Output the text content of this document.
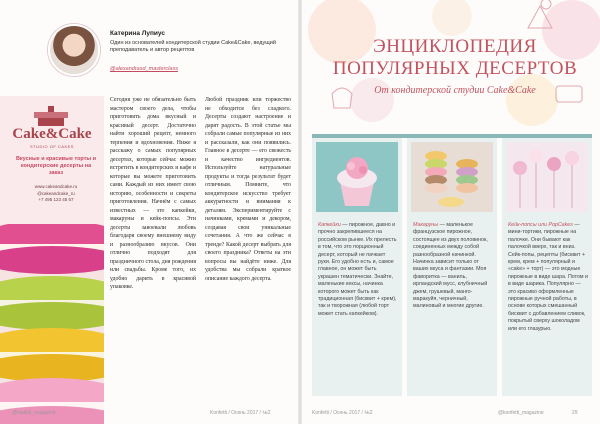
Катерина Лупиус
Один из основателей кондитерской студии Cake&Cake, ведущий преподаватель и автор рецептов
@alexandrasd_masterclass
Cake&Cake
STUDIO OF CAKES
Вкусные и красивые торты и кондитерские десерты на заказ
www.cakeandcake.ru
@cakeandcake_ru
+7 495 123 45 67
Сегодня уже не обязательно быть мастером своего дела, чтобы приготовить дома вкусный и красивый десерт. Достаточно найти хороший рецепт, немного терпения и вдохновения. Ниже я расскажу о самых популярных десертах, которые сейчас можно встретить в кондитерских и кафе и которые вы можете приготовить сами. Каждый из них имеет свою историю, особенности и секреты приготовления. Начнём с самых известных — это капкейки, макаруны и кейк-попсы. Эти десерты завоевали любовь благодаря своему внешнему виду и разнообразию вкусов. Они отлично подходят для праздничного стола, дня рождения или свадьбы. Кроме того, их удобно дарить в красивой упаковке.
Любой праздник или торжество не обходится без сладкого. Десерты создают настроение и дарят радость. В этой статье мы собрали самые популярные из них и рассказали, как они появились. Главное в десерте — его свежесть и качество ингредиентов. Используйте натуральные продукты и тогда результат будет отличным. Помните, что кондитерское искусство требует аккуратности и внимания к деталям. Экспериментируйте с начинками, кремами и декором, создавая свои уникальные сочетания. А что же сейчас в тренде? Какой десерт выбрать для своего праздника? Ответы на эти вопросы вы найдёте ниже. Для удобства мы собрали краткое описание каждого десерта.
@kaditik_magazine	Konfetti / Осень 2017 / №2
ЭНЦИКЛОПЕДИЯ ПОПУЛЯРНЫХ ДЕСЕРТОВ
От кондитерской студии Cake&Cake
Капкейки — пирожное, давно и прочно закрепившееся на российском рынке. Их прелесть в том, что это порционный десерт, который не пачкает руки. Его удобно есть и, самое главное, он может быть украшен тематически. Знайте, маленькие кексы, начинка которого может быть как традиционная (бисквит + крем), так и творожная (любой торт может стать капкейком).
Макаруны — маленькое французское пирожное, состоящее из двух половинок, соединенных между собой разнообразной начинкой. Начинка зависит только от ваших вкуса и фантазии. Моя фаворитка — ваниль, ирландский мусс, клубничный джем, грушевый, манго-маракуйя, черничный, малиновый и многие другие.
Кейк-попсы или PopCakes — мини-тортики, пирожные на палочке. Они бывают как палочкой вверх, так и вниз. Сейк-попы, рецепты (бисквит + крем, крем + популярный и «сake» + торт) — это модные пирожные в виде шара. Потом и в виде шарика. Популярно — это красиво оформленные пирожные ручной работы, в основе которых смешанный бисквит с добавлением сливок, покрытый сверху шоколадом или его глазурью.
Konfetti / Осень 2017 / №2	@konfetti_magazine	29
